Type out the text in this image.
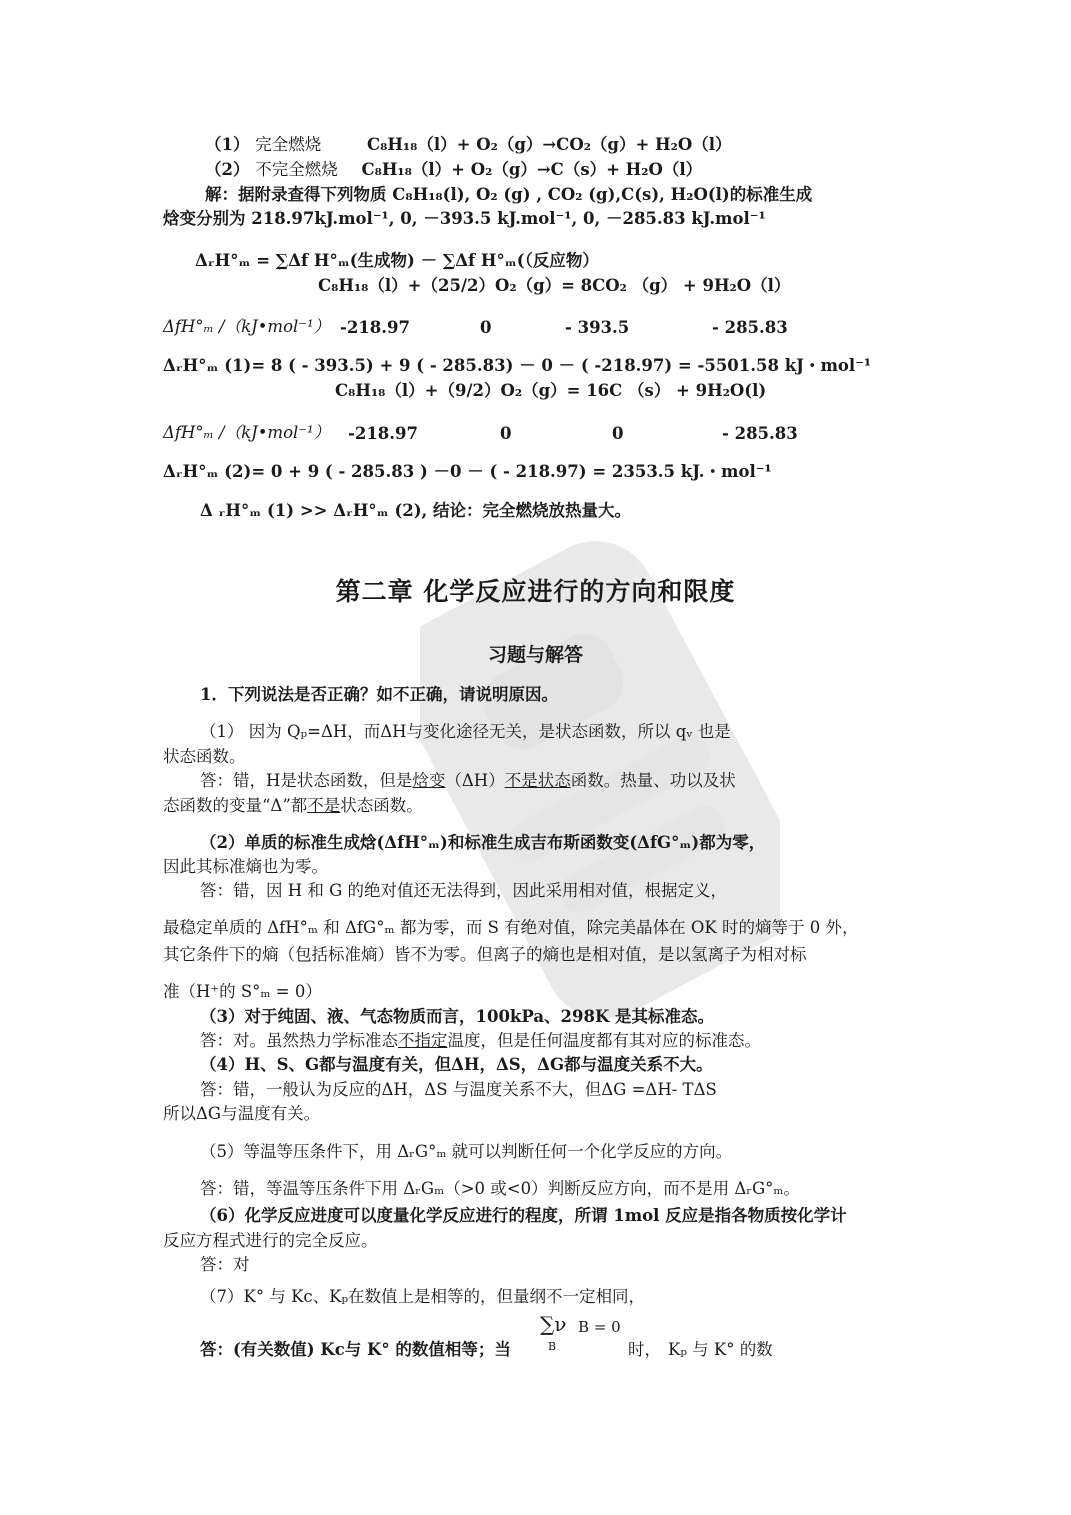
（1） 完全燃烧	C₈H₁₈（l）+ O₂（g）→CO₂（g）+ H₂O（l）
（2） 不完全燃烧 C₈H₁₈（l）+ O₂（g）→C（s）+ H₂O（l）
解：据附录查得下列物质 C₈H₁₈(l), O₂ (g) , CO₂ (g),C(s), H₂O(l)的标准生成
焓变分别为 218.97kJ.mol⁻¹, 0, －393.5 kJ.mol⁻¹, 0, －285.83 kJ.mol⁻¹
ΔᵣH°ₘ = ∑Δf H°ₘ(生成物) － ∑Δf H°ₘ(（反应物）
C₈H₁₈（l）+（25/2）O₂（g）= 8CO₂ （g） + 9H₂O（l）
ΔfH°ₘ /（kJ•mol⁻¹） -218.97	0	- 393.5	- 285.83
ΔᵣH°ₘ (1)= 8 ( - 393.5) + 9 ( - 285.83) － 0 － ( -218.97) = -5501.58 kJ・mol⁻¹
C₈H₁₈（l）+（9/2）O₂（g）= 16C （s） + 9H₂O(l)
ΔfH°ₘ /（kJ•mol⁻¹） -218.97	0	0	- 285.83
ΔᵣH°ₘ (2)= 0 + 9 ( - 285.83 ) －0 － ( - 218.97) = 2353.5 kJ.・mol⁻¹
Δ ᵣH°ₘ (1) >> ΔᵣH°ₘ (2), 结论：完全燃烧放热量大。
第二章 化学反应进行的方向和限度
习题与解答
1．下列说法是否正确？如不正确，请说明原因。
（1） 因为 Qₚ=ΔH，而ΔH与变化途径无关，是状态函数，所以 qᵥ 也是
状态函数。
答：错，H是状态函数，但是焓变（ΔH）不是状态函数。热量、功以及状
态函数的变量“Δ”都不是状态函数。
（2）单质的标准生成焓(ΔfH°ₘ)和标准生成吉布斯函数变(ΔfG°ₘ)都为零，
因此其标准熵也为零。
答：错，因 H 和 G 的绝对值还无法得到，因此采用相对值，根据定义，
最稳定单质的 ΔfH°ₘ 和 ΔfG°ₘ 都为零，而 S 有绝对值，除完美晶体在 OK 时的熵等于 0 外，
其它条件下的熵（包括标准熵）皆不为零。但离子的熵也是相对值，是以氢离子为相对标
准（H⁺的 S°ₘ = 0）
（3）对于纯固、液、气态物质而言，100kPa、298K 是其标准态。
答：对。虽然热力学标准态不指定温度，但是任何温度都有其对应的标准态。
（4）H、S、G都与温度有关，但ΔH，ΔS，ΔG都与温度关系不大。
答：错，一般认为反应的ΔH，ΔS 与温度关系不大，但ΔG =ΔH- TΔS
所以ΔG与温度有关。
（5）等温等压条件下，用 ΔᵣG°ₘ 就可以判断任何一个化学反应的方向。
答：错，等温等压条件下用 ΔᵣGₘ（>0 或<0）判断反应方向，而不是用 ΔᵣG°ₘ。
（6）化学反应进度可以度量化学反应进行的程度，所谓 1mol 反应是指各物质按化学计
反应方程式进行的完全反应。
答：对
（7）K° 与 Kc、Kₚ在数值上是相等的，但量纲不一定相同，
∑ν
B
B = 0
答：(有关数值) Kc与 K° 的数值相等；当	时， Kₚ 与 K° 的数
